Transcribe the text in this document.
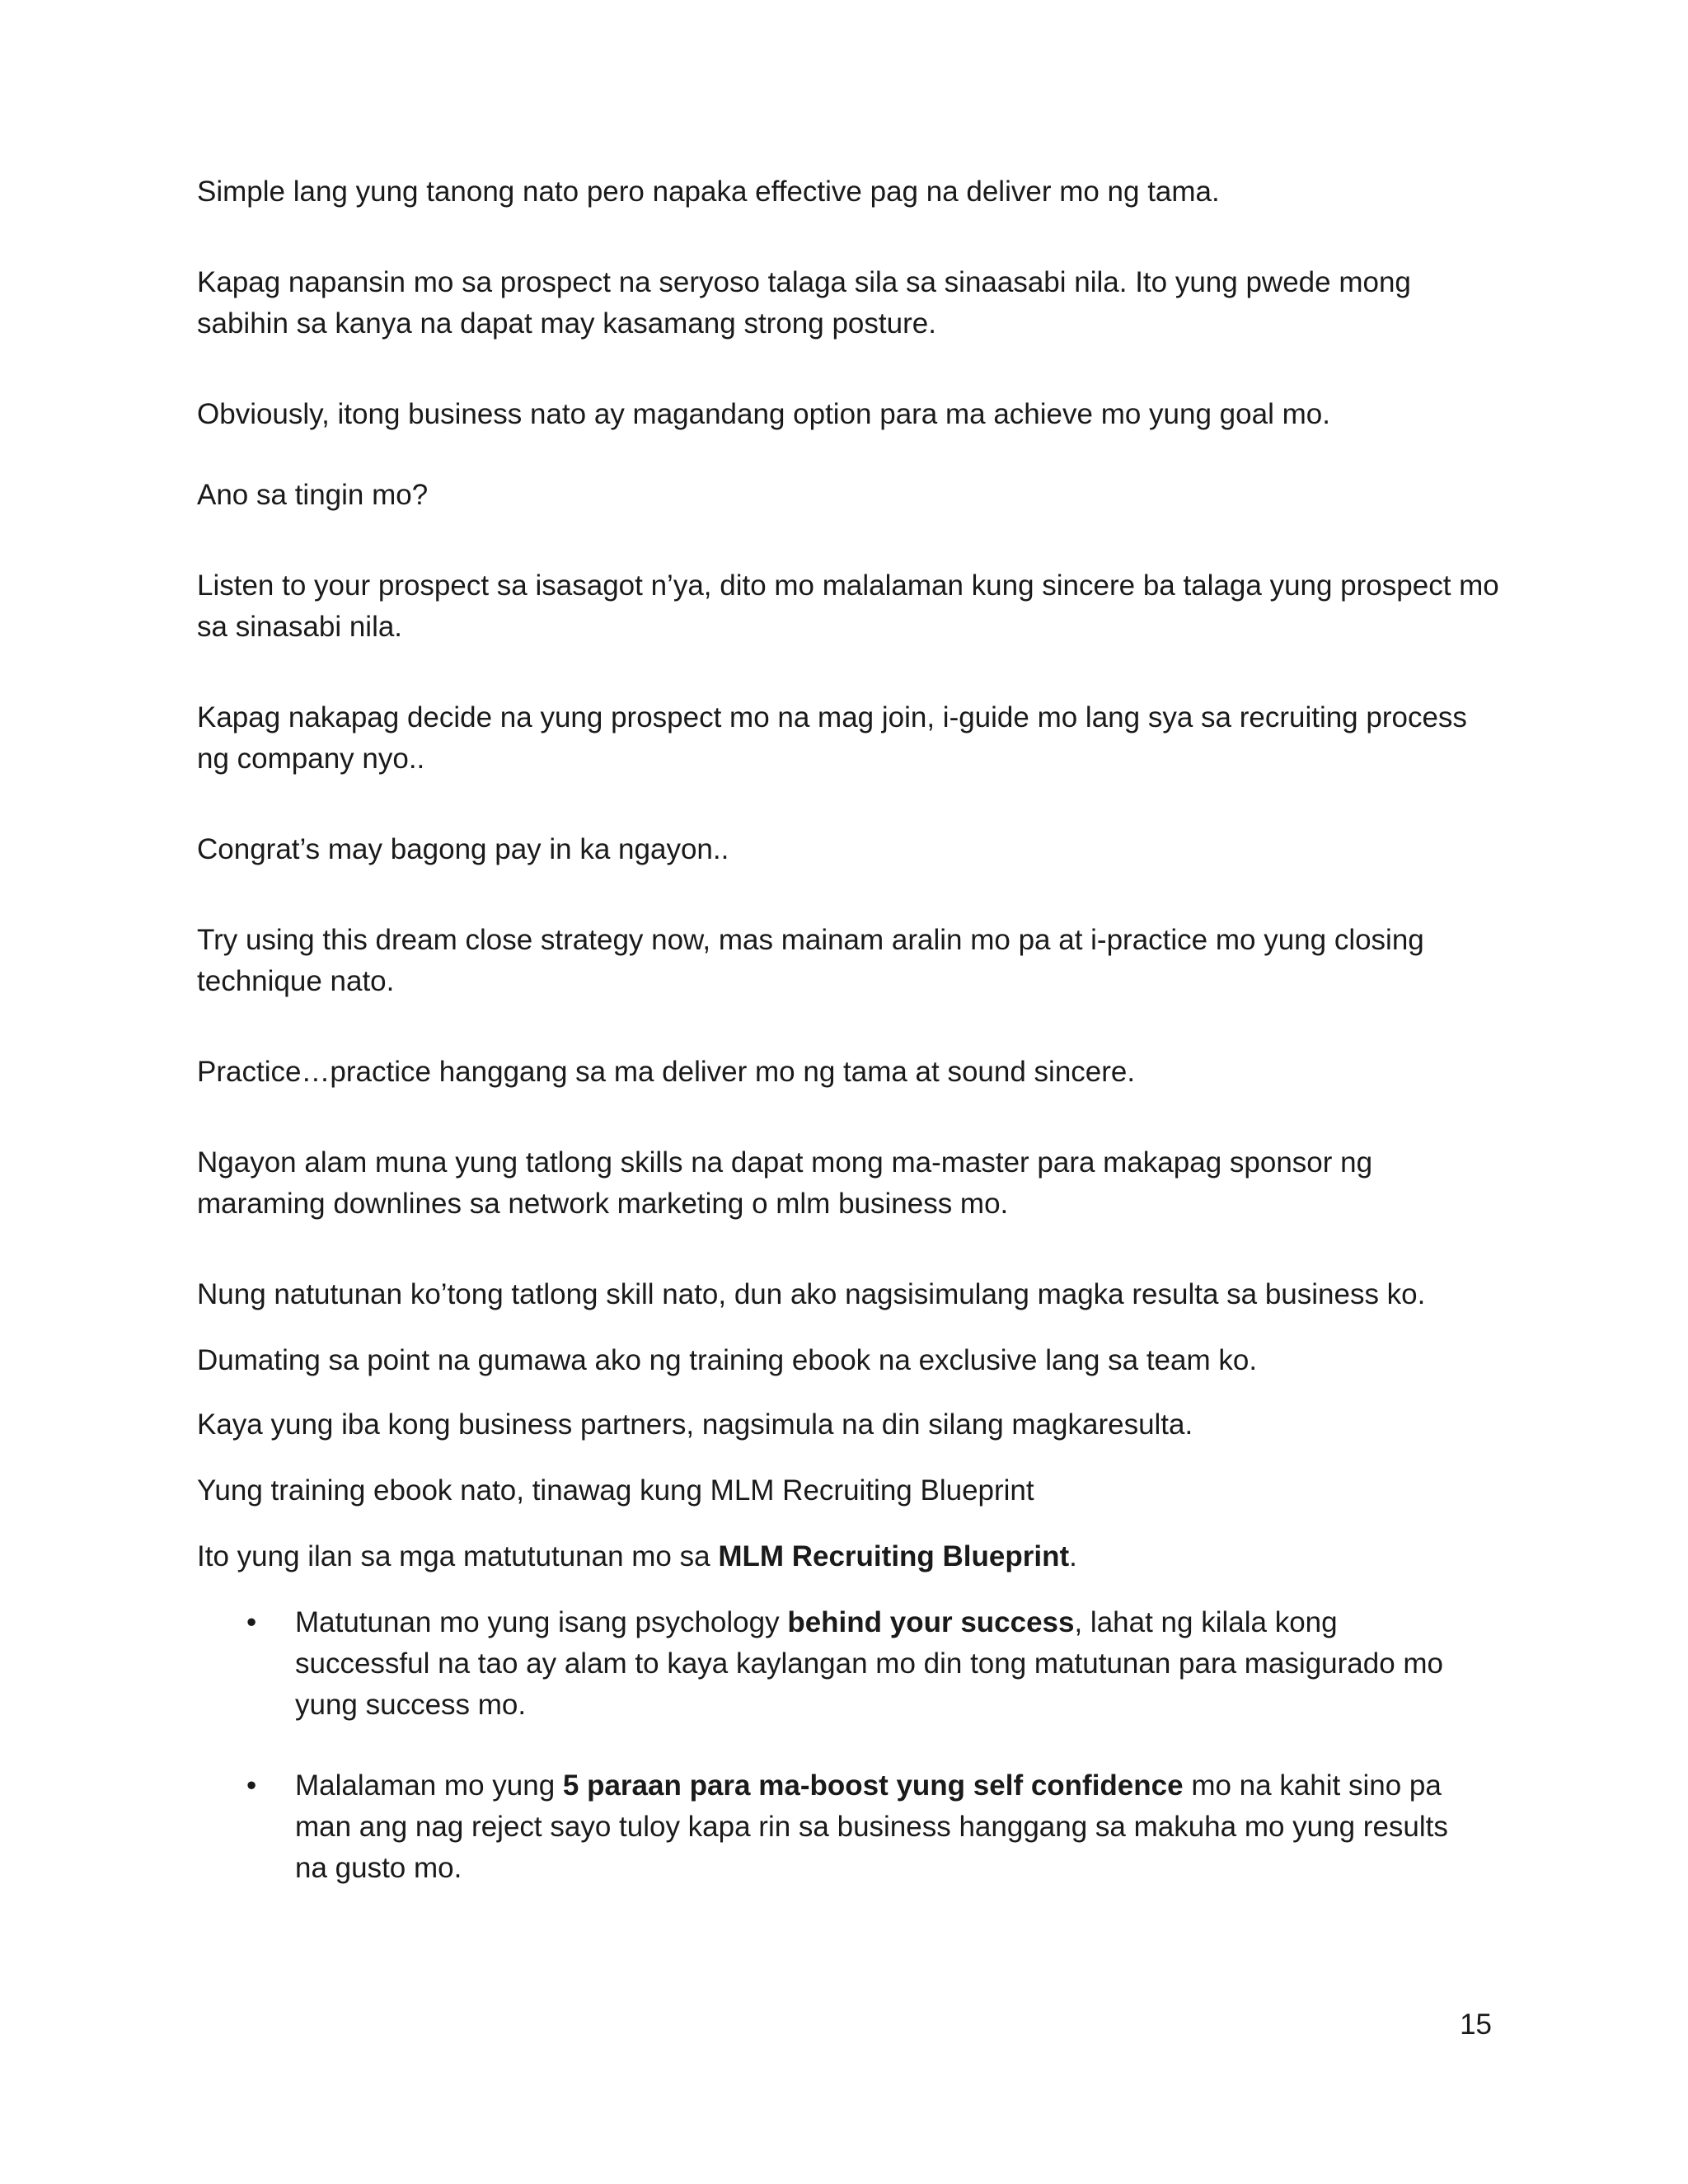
Simple lang yung tanong nato pero napaka effective pag na deliver mo ng tama.

Kapag napansin mo sa prospect na seryoso talaga sila sa sinaasabi nila. Ito yung pwede mong sabihin sa kanya na dapat may kasamang strong posture.

Obviously, itong business nato ay magandang option para ma achieve mo yung goal mo.

Ano sa tingin mo?

Listen to your prospect sa isasagot n’ya, dito mo malalaman kung sincere ba talaga yung prospect mo sa sinasabi nila.

Kapag nakapag decide na yung prospect mo na mag join, i-guide mo lang sya sa recruiting process ng company nyo..

Congrat’s may bagong pay in ka ngayon..

Try using this dream close strategy now, mas mainam aralin mo pa at i-practice mo yung closing technique nato.

Practice…practice hanggang sa ma deliver mo ng tama at sound sincere.

Ngayon alam muna yung tatlong skills na dapat mong ma-master para makapag sponsor ng maraming downlines sa network marketing o mlm business mo.

Nung natutunan ko’tong tatlong skill nato, dun ako nagsisimulang magka resulta sa business ko.

Dumating sa point na gumawa ako ng training ebook na exclusive lang sa team ko.

Kaya yung iba kong business partners, nagsimula na din silang magkaresulta.

Yung training ebook nato, tinawag kung MLM Recruiting Blueprint

Ito yung ilan sa mga matututunan mo sa MLM Recruiting Blueprint.

• Matutunan mo yung isang psychology behind your success, lahat ng kilala kong successful na tao ay alam to kaya kaylangan mo din tong matutunan para masigurado mo yung success mo.

• Malalaman mo yung 5 paraan para ma-boost yung self confidence mo na kahit sino pa man ang nag reject sayo tuloy kapa rin sa business hanggang sa makuha mo yung results na gusto mo.

15
